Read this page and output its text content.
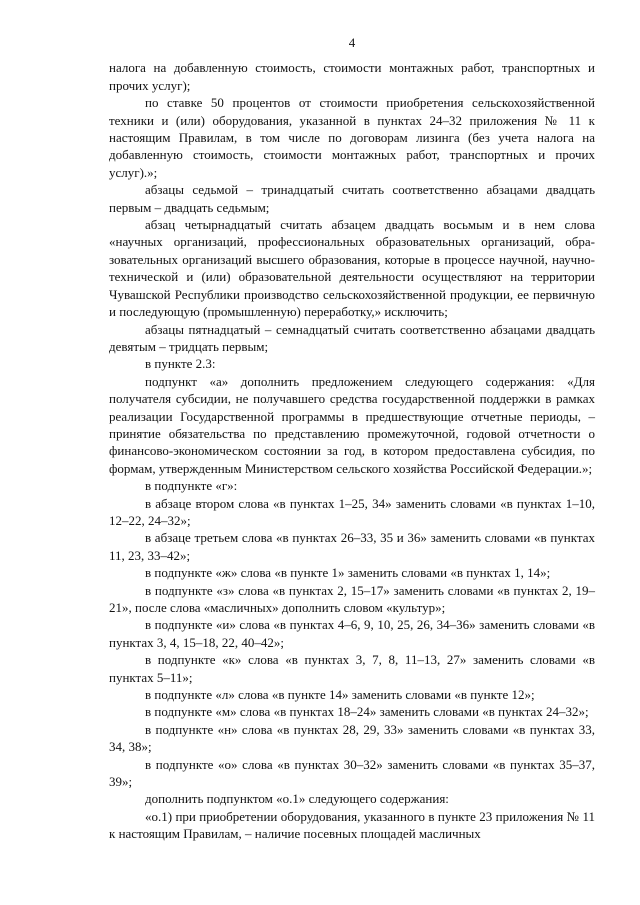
4

налога на добавленную стоимость, стоимости монтажных работ, транспортных и прочих услуг);

по ставке 50 процентов от стоимости приобретения сельскохозяйственной техники и (или) оборудования, указанной в пунктах 24–32 приложения № 11 к настоящим Правилам, в том числе по договорам лизинга (без учета налога на добавленную стоимость, стоимости монтажных работ, транспортных и прочих услуг).»;

абзацы седьмой – тринадцатый считать соответственно абзацами двадцать первым – двадцать седьмым;

абзац четырнадцатый считать абзацем двадцать восьмым и в нем слова «научных организаций, профессиональных образовательных организаций, образовательных организаций высшего образования, которые в процессе научной, научно-технической и (или) образовательной деятельности осуществляют на территории Чувашской Республики производство сельскохозяйственной продукции, ее первичную и последующую (промышленную) переработку,» исключить;

абзацы пятнадцатый – семнадцатый считать соответственно абзацами двадцать девятым – тридцать первым;

в пункте 2.3:

подпункт «а» дополнить предложением следующего содержания: «Для получателя субсидии, не получавшего средства государственной поддержки в рамках реализации Государственной программы в предшествующие отчетные периоды, – принятие обязательства по представлению промежуточной, годовой отчетности о финансово-экономическом состоянии за год, в котором предоставлена субсидия, по формам, утвержденным Министерством сельского хозяйства Российской Федерации.»;

в подпункте «г»:

в абзаце втором слова «в пунктах 1–25, 34» заменить словами «в пунктах 1–10, 12–22, 24–32»;

в абзаце третьем слова «в пунктах 26–33, 35 и 36» заменить словами «в пунктах 11, 23, 33–42»;

в подпункте «ж» слова «в пункте 1» заменить словами «в пунктах 1, 14»;

в подпункте «з» слова «в пунктах 2, 15–17» заменить словами «в пунктах 2, 19–21», после слова «масличных» дополнить словом «культур»;

в подпункте «и» слова «в пунктах 4–6, 9, 10, 25, 26, 34–36» заменить словами «в пунктах 3, 4, 15–18, 22, 40–42»;

в подпункте «к» слова «в пунктах 3, 7, 8, 11–13, 27» заменить словами «в пунктах 5–11»;

в подпункте «л» слова «в пункте 14» заменить словами «в пункте 12»;

в подпункте «м» слова «в пунктах 18–24» заменить словами «в пунктах 24–32»;

в подпункте «н» слова «в пунктах 28, 29, 33» заменить словами «в пунктах 33, 34, 38»;

в подпункте «о» слова «в пунктах 30–32» заменить словами «в пунктах 35–37, 39»;

дополнить подпунктом «о.1» следующего содержания:

«о.1) при приобретении оборудования, указанного в пункте 23 приложения № 11 к настоящим Правилам, – наличие посевных площадей масличных
